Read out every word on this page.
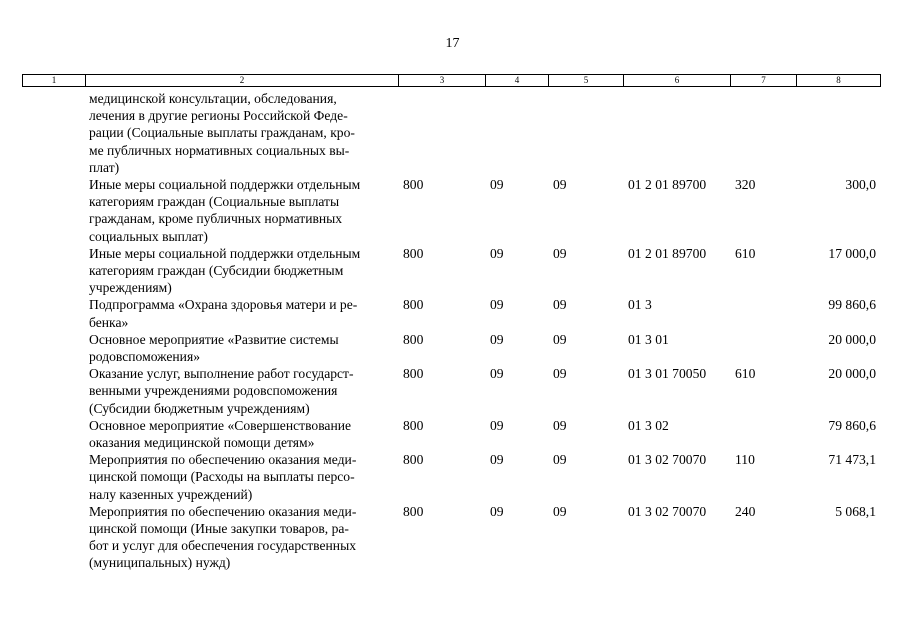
17
1	2	3	4	5	6	7	8
	медицинской консультации, обследования,
лечения в другие регионы Российской Феде-
рации (Социальные выплаты гражданам, кро-
ме публичных нормативных социальных вы-
плат)						
	Иные меры социальной поддержки отдельным
категориям граждан (Социальные выплаты
гражданам, кроме публичных нормативных
социальных выплат)	800	09	09	01 2 01 89700	320	300,0
	Иные меры социальной поддержки отдельным
категориям граждан (Субсидии бюджетным
учреждениям)	800	09	09	01 2 01 89700	610	17 000,0
	Подпрограмма «Охрана здоровья матери и ре-
бенка»	800	09	09	01 3		99 860,6
	Основное мероприятие «Развитие системы
родовспоможения»	800	09	09	01 3 01		20 000,0
	Оказание услуг, выполнение работ государст-
венными учреждениями родовспоможения
(Субсидии бюджетным учреждениям)	800	09	09	01 3 01 70050	610	20 000,0
	Основное мероприятие «Совершенствование
оказания медицинской помощи детям»	800	09	09	01 3 02		79 860,6
	Мероприятия по обеспечению оказания меди-
цинской помощи (Расходы на выплаты персо-
налу казенных учреждений)	800	09	09	01 3 02 70070	110	71 473,1
	Мероприятия по обеспечению оказания меди-
цинской помощи (Иные закупки товаров, ра-
бот и услуг для обеспечения государственных
(муниципальных) нужд)	800	09	09	01 3 02 70070	240	5 068,1
